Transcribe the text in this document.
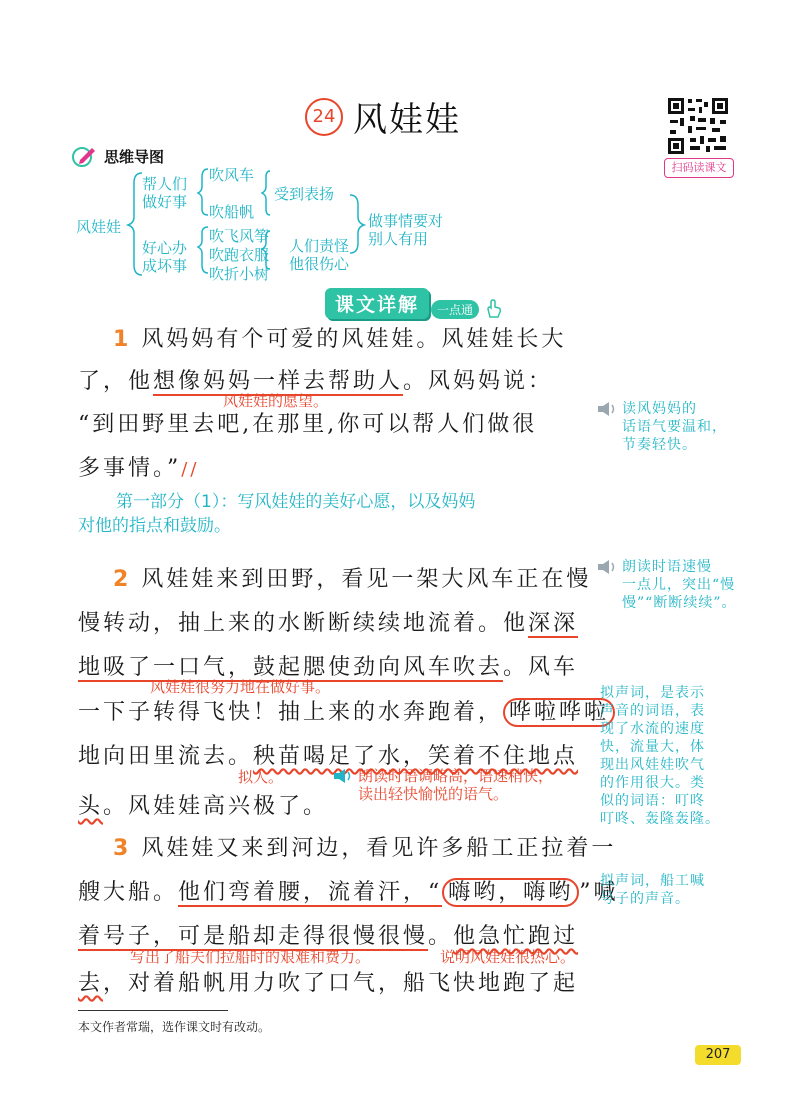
24 风娃娃
扫码读课文
思维导图
风娃娃
帮人们
做好事
吹风车
吹船帆
受到表扬
好心办
成坏事
吹飞风筝
吹跑衣服
吹折小树
人们责怪
他很伤心
做事情要对
别人有用
课文详解 一点通
1 风妈妈有个可爱的风娃娃。风娃娃长大
了，他想像妈妈一样去帮助人。风妈妈说：
风娃娃的愿望。
“到田野里去吧,在那里,你可以帮人们做很
多事情。”//
第一部分（1）：写风娃娃的美好心愿，以及妈妈
对他的指点和鼓励。
2 风娃娃来到田野，看见一架大风车正在慢
慢转动，抽上来的水断断续续地流着。他深深
地吸了一口气，鼓起腮使劲向风车吹去。风车
风娃娃很努力地在做好事。
一下子转得飞快！抽上来的水奔跑着， 哗啦哗啦
地向田里流去。秧苗喝足了水，笑着不住地点
拟人。	朗读时语调略高，语速稍快，
读出轻快愉悦的语气。
头。风娃娃高兴极了。
3 风娃娃又来到河边，看见许多船工正拉着一
艘大船。他们弯着腰，流着汗，“ 嗨哟，嗨哟 ”喊
着号子，可是船却走得很慢很慢。他急忙跑过
写出了船夫们拉船时的艰难和费力。	说明风娃娃很热心。
去，对着船帆用力吹了口气，船飞快地跑了起
读风妈妈的
话语气要温和，
节奏轻快。
朗读时语速慢
一点儿，突出“慢
慢”“断断续续”。
拟声词，是表示
声音的词语，表
现了水流的速度
快，流量大，体
现出风娃娃吹气
的作用很大。类
似的词语：叮咚
叮咚、轰隆轰隆。
拟声词，船工喊
号子的声音。
本文作者常瑞，选作课文时有改动。
207
